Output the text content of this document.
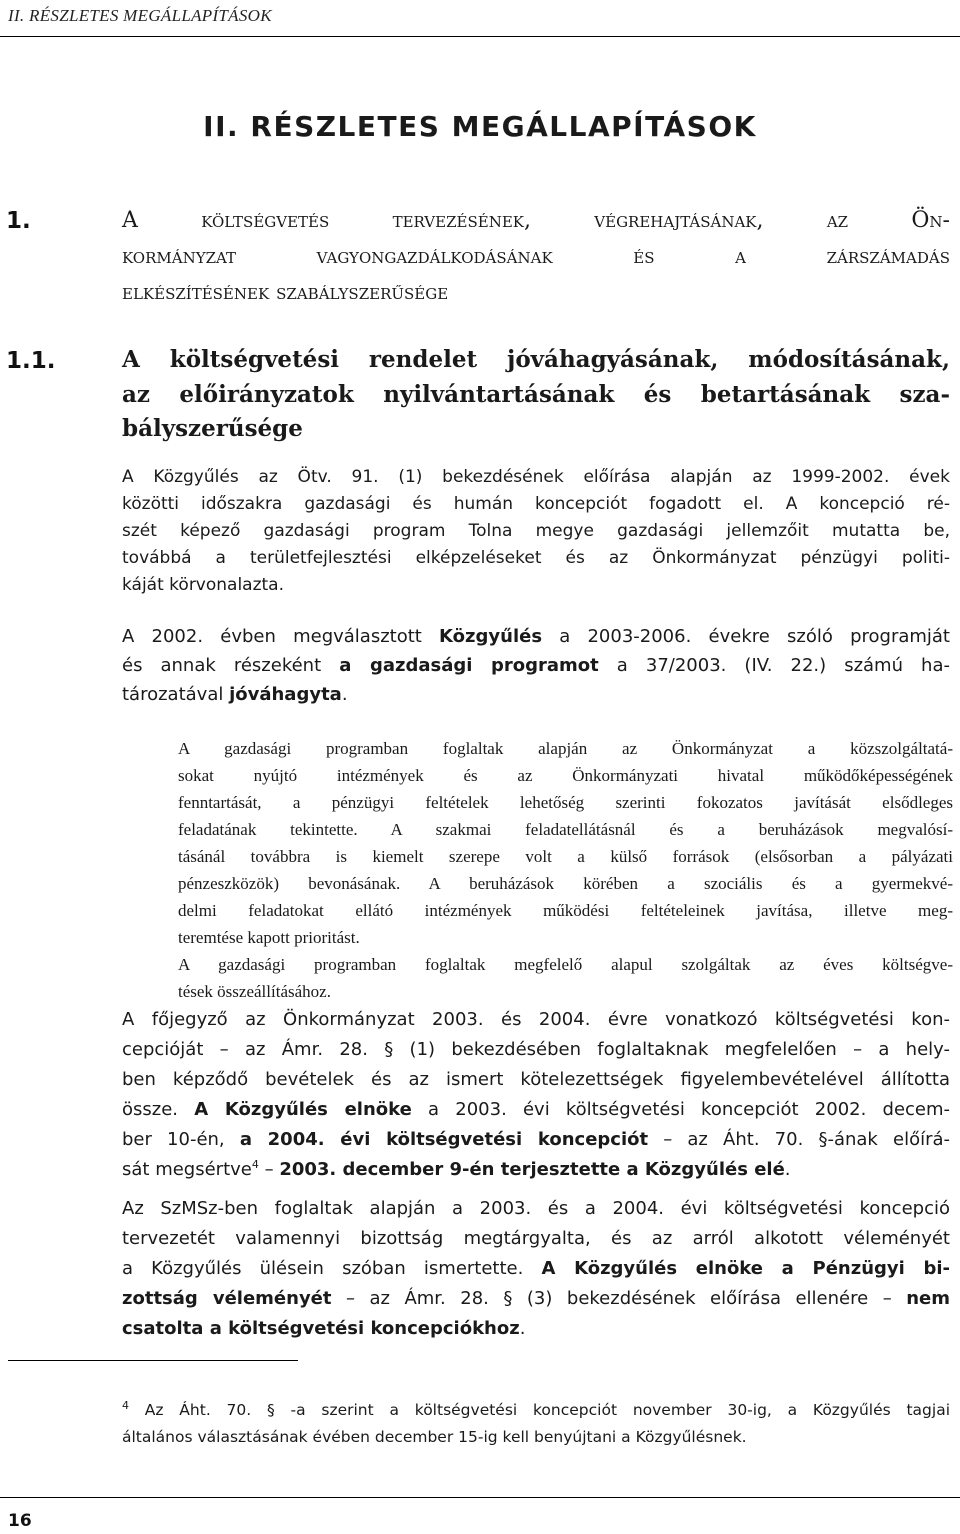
II. RÉSZLETES MEGÁLLAPÍTÁSOK
II. RÉSZLETES MEGÁLLAPÍTÁSOK
1.	A költségvetés tervezésének, végrehajtásának, az Ön-
kormányzat vagyongazdálkodásának és a zárszámadás
elkészítésének szabályszerűsége
1.1.	A költségvetési rendelet jóváhagyásának, módosításának,
az előirányzatok nyilvántartásának és betartásának sza-
bályszerűsége
A Közgyűlés az Ötv. 91. (1) bekezdésének előírása alapján az 1999-2002. évek
közötti időszakra gazdasági és humán koncepciót fogadott el. A koncepció ré-
szét képező gazdasági program Tolna megye gazdasági jellemzőit mutatta be,
továbbá a területfejlesztési elképzeléseket és az Önkormányzat pénzügyi politi-
káját körvonalazta.
A 2002. évben megválasztott Közgyűlés a 2003-2006. évekre szóló programját
és annak részeként a gazdasági programot a 37/2003. (IV. 22.) számú ha-
tározatával jóváhagyta.
A gazdasági programban foglaltak alapján az Önkormányzat a közszolgáltatá-
sokat nyújtó intézmények és az Önkormányzati hivatal működőképességének
fenntartását, a pénzügyi feltételek lehetőség szerinti fokozatos javítását elsődleges
feladatának tekintette. A szakmai feladatellátásnál és a beruházások megvalósí-
tásánál továbbra is kiemelt szerepe volt a külső források (elsősorban a pályázati
pénzeszközök) bevonásának. A beruházások körében a szociális és a gyermekvé-
delmi feladatokat ellátó intézmények működési feltételeinek javítása, illetve meg-
teremtése kapott prioritást.
A gazdasági programban foglaltak megfelelő alapul szolgáltak az éves költségve-
tések összeállításához.
A főjegyző az Önkormányzat 2003. és 2004. évre vonatkozó költségvetési kon-
cepcióját – az Ámr. 28. § (1) bekezdésében foglaltaknak megfelelően – a hely-
ben képződő bevételek és az ismert kötelezettségek figyelembevételével állította
össze. A Közgyűlés elnöke a 2003. évi költségvetési koncepciót 2002. decem-
ber 10-én, a 2004. évi költségvetési koncepciót – az Áht. 70. §-ának előírá-
sát megsértve$^4$ – 2003. december 9-én terjesztette a Közgyűlés elé.
Az SzMSz-ben foglaltak alapján a 2003. és a 2004. évi költségvetési koncepció
tervezetét valamennyi bizottság megtárgyalta, és az arról alkotott véleményét
a Közgyűlés ülésein szóban ismertette. A Közgyűlés elnöke a Pénzügyi bi-
zottság véleményét – az Ámr. 28. § (3) bekezdésének előírása ellenére – nem
csatolta a költségvetési koncepciókhoz.
$^4$ Az Áht. 70. § -a szerint a költségvetési koncepciót november 30-ig, a Közgyűlés tagjai
általános választásának évében december 15-ig kell benyújtani a Közgyűlésnek.
16
